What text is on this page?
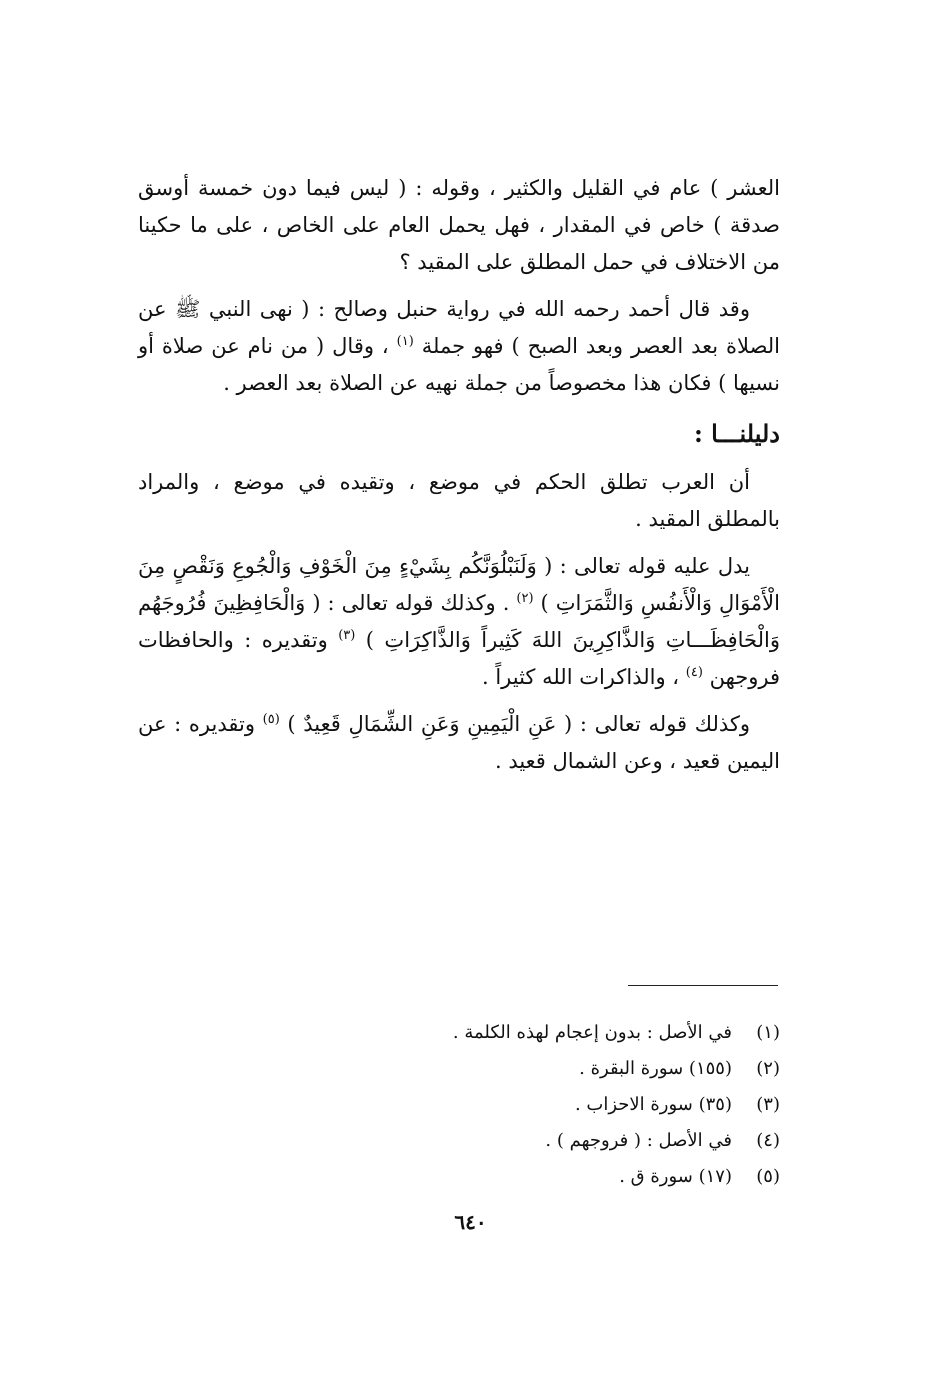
العشر ) عام في القليل والكثير ، وقوله : ( ليس فيما دون خمسة أوسق صدقة ) خاص في المقدار ، فهل يحمل العام على الخاص ، على ما حكينا من الاختلاف في حمل المطلق على المقيد ؟

وقد قال أحمد رحمه الله في رواية حنبل وصالح : ( نهى النبي ﷺ عن الصلاة بعد العصر وبعد الصبح ) فهو جملة $^{(١)}$ ، وقال ( من نام عن صلاة أو نسيها ) فكان هذا مخصوصاً من جملة نهيه عن الصلاة بعد العصر .

دليلنـــا :

أن العرب تطلق الحكم في موضع ، وتقيده في موضع ، والمراد بالمطلق المقيد .

يدل عليه قوله تعالى : ( وَلَنَبْلُوَنَّكُم بِشَيْءٍ مِنَ الْخَوْفِ وَالْجُوعِ وَنَقْصٍ مِنَ الْأَمْوَالِ وَالْأَنفُسِ وَالثَّمَرَاتِ ) $^{(٢)}$ . وكذلك قوله تعالى : ( وَالْحَافِظِينَ فُرُوجَهُم وَالْحَافِظَـــاتِ وَالذَّاكِرِينَ اللهَ كَثِيراً وَالذَّاكِرَاتِ ) $^{(٣)}$ وتقديره : والحافظات فروجهن $^{(٤)}$ ، والذاكرات الله كثيراً .

وكذلك قوله تعالى : ( عَنِ الْيَمِينِ وَعَنِ الشِّمَالِ قَعِيدٌ ) $^{(٥)}$ وتقديره : عن اليمين قعيد ، وعن الشمال قعيد .

(١)
في الأصل : بدون إعجام لهذه الكلمة .
(٢)
(١٥٥) سورة البقرة .
(٣)
(٣٥) سورة الاحزاب .
(٤)
في الأصل : ( فروجهم ) .
(٥)
(١٧) سورة ق .
٦٤٠
